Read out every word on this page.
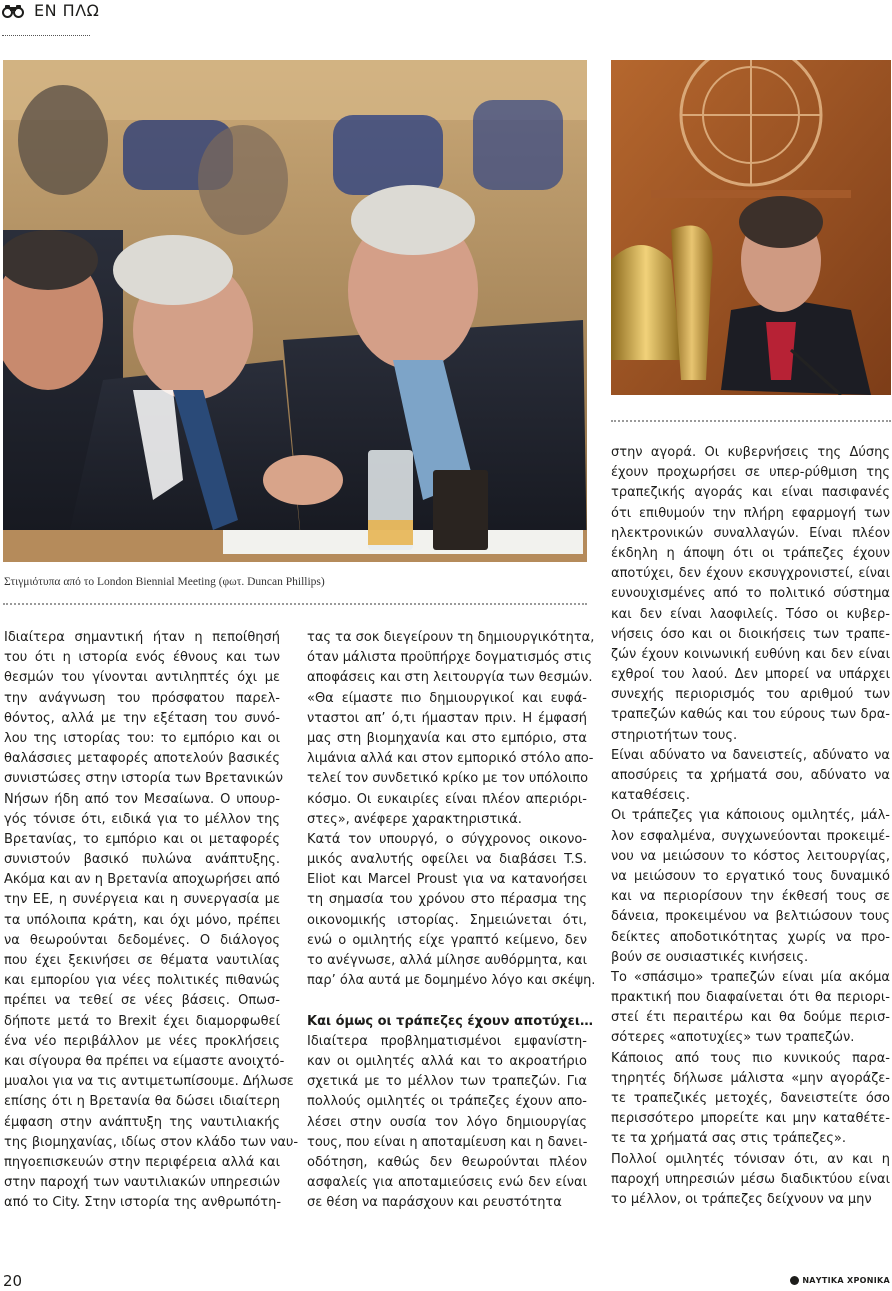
ΕΝ ΠΛΩ
Στιγμιότυπα από το London Biennial Meeting (φωτ. Duncan Phillips)
Ιδιαίτερα σημαντική ήταν η πεποίθησή
του ότι η ιστορία ενός έθνους και των
θεσμών του γίνονται αντιληπτές όχι με
την ανάγνωση του πρόσφατου παρελ-
θόντος, αλλά με την εξέταση του συνό-
λου της ιστορίας του: το εμπόριο και οι
θαλάσσιες μεταφορές αποτελούν βασικές
συνιστώσες στην ιστορία των Βρετανικών
Νήσων ήδη από τον Μεσαίωνα. Ο υπουρ-
γός τόνισε ότι, ειδικά για το μέλλον της
Βρετανίας, το εμπόριο και οι μεταφορές
συνιστούν βασικό πυλώνα ανάπτυξης.
Ακόμα και αν η Βρετανία αποχωρήσει από
την ΕΕ, η συνέργεια και η συνεργασία με
τα υπόλοιπα κράτη, και όχι μόνο, πρέπει
να θεωρούνται δεδομένες. Ο διάλογος
που έχει ξεκινήσει σε θέματα ναυτιλίας
και εμπορίου για νέες πολιτικές πιθανώς
πρέπει να τεθεί σε νέες βάσεις. Οπωσ-
δήποτε μετά το Brexit έχει διαμορφωθεί
ένα νέο περιβάλλον με νέες προκλήσεις
και σίγουρα θα πρέπει να είμαστε ανοιχτό-
μυαλοι για να τις αντιμετωπίσουμε. Δήλωσε
επίσης ότι η Βρετανία θα δώσει ιδιαίτερη
έμφαση στην ανάπτυξη της ναυτιλιακής
της βιομηχανίας, ιδίως στον κλάδο των ναυ-
πηγοεπισκευών στην περιφέρεια αλλά και
στην παροχή των ναυτιλιακών υπηρεσιών
από το City. Στην ιστορία της ανθρωπότη-
τας τα σοκ διεγείρουν τη δημιουργικότητα,
όταν μάλιστα προϋπήρχε δογματισμός στις
αποφάσεις και στη λειτουργία των θεσμών.
«Θα είμαστε πιο δημιουργικοί και ευφά-
νταστοι απ’ ό,τι ήμασταν πριν. Η έμφασή
μας στη βιομηχανία και στο εμπόριο, στα
λιμάνια αλλά και στον εμπορικό στόλο απο-
τελεί τον συνδετικό κρίκο με τον υπόλοιπο
κόσμο. Οι ευκαιρίες είναι πλέον απεριόρι-
στες», ανέφερε χαρακτηριστικά.
Κατά τον υπουργό, ο σύγχρονος οικονο-
μικός αναλυτής οφείλει να διαβάσει T.S.
Eliot και Marcel Proust για να κατανοήσει
τη σημασία του χρόνου στο πέρασμα της
οικονομικής ιστορίας. Σημειώνεται ότι,
ενώ ο ομιλητής είχε γραπτό κείμενο, δεν
το ανέγνωσε, αλλά μίλησε αυθόρμητα, και
παρ’ όλα αυτά με δομημένο λόγο και σκέψη.
Και όμως οι τράπεζες έχουν αποτύχει…
Ιδιαίτερα προβληματισμένοι εμφανίστη-
καν οι ομιλητές αλλά και το ακροατήριο
σχετικά με το μέλλον των τραπεζών. Για
πολλούς ομιλητές οι τράπεζες έχουν απο-
λέσει στην ουσία τον λόγο δημιουργίας
τους, που είναι η αποταμίευση και η δανει-
οδότηση, καθώς δεν θεωρούνται πλέον
ασφαλείς για αποταμιεύσεις ενώ δεν είναι
σε θέση να παράσχουν και ρευστότητα
στην αγορά. Οι κυβερνήσεις της Δύσης
έχουν προχωρήσει σε υπερ-ρύθμιση της
τραπεζικής αγοράς και είναι πασιφανές
ότι επιθυμούν την πλήρη εφαρμογή των
ηλεκτρονικών συναλλαγών. Είναι πλέον
έκδηλη η άποψη ότι οι τράπεζες έχουν
αποτύχει, δεν έχουν εκσυγχρονιστεί, είναι
ευνουχισμένες από το πολιτικό σύστημα
και δεν είναι λαοφιλείς. Τόσο οι κυβερ-
νήσεις όσο και οι διοικήσεις των τραπε-
ζών έχουν κοινωνική ευθύνη και δεν είναι
εχθροί του λαού. Δεν μπορεί να υπάρχει
συνεχής περιορισμός του αριθμού των
τραπεζών καθώς και του εύρους των δρα-
στηριοτήτων τους.
Είναι αδύνατο να δανειστείς, αδύνατο να
αποσύρεις τα χρήματά σου, αδύνατο να
καταθέσεις.
Οι τράπεζες για κάποιους ομιλητές, μάλ-
λον εσφαλμένα, συγχωνεύονται προκειμέ-
νου να μειώσουν το κόστος λειτουργίας,
να μειώσουν το εργατικό τους δυναμικό
και να περιορίσουν την έκθεσή τους σε
δάνεια, προκειμένου να βελτιώσουν τους
δείκτες αποδοτικότητας χωρίς να προ-
βούν σε ουσιαστικές κινήσεις.
Το «σπάσιμο» τραπεζών είναι μία ακόμα
πρακτική που διαφαίνεται ότι θα περιορι-
στεί έτι περαιτέρω και θα δούμε περισ-
σότερες «αποτυχίες» των τραπεζών.
Κάποιος από τους πιο κυνικούς παρα-
τηρητές δήλωσε μάλιστα «μην αγοράζε-
τε τραπεζικές μετοχές, δανειστείτε όσο
περισσότερο μπορείτε και μην καταθέτε-
τε τα χρήματά σας στις τράπεζες».
Πολλοί ομιλητές τόνισαν ότι, αν και η
παροχή υπηρεσιών μέσω διαδικτύου είναι
το μέλλον, οι τράπεζες δείχνουν να μην
20	ΝΑΥΤΙΚΑ ΧΡΟΝΙΚΑ
